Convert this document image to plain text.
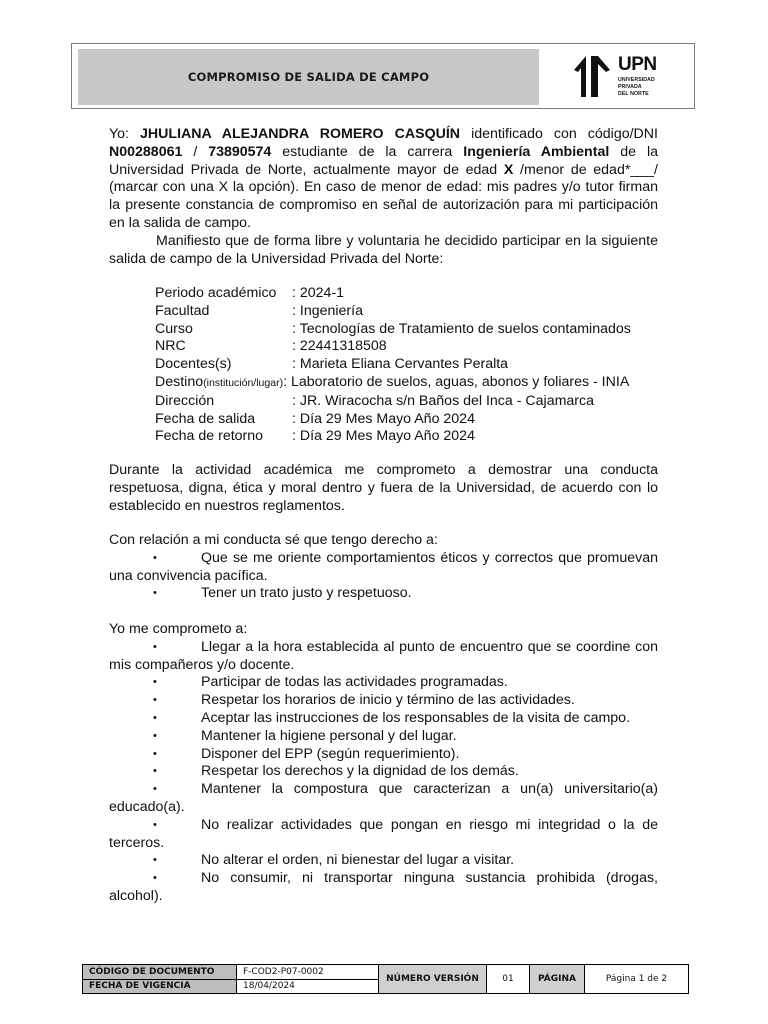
COMPROMISO DE SALIDA DE CAMPO
UPN
UNIVERSIDAD
PRIVADA
DEL NORTE
Yo: JHULIANA ALEJANDRA ROMERO CASQUÍN identificado con código/DNI N00288061 / 73890574 estudiante de la carrera Ingeniería Ambiental de la Universidad Privada de Norte, actualmente mayor de edad X /menor de edad*___/ (marcar con una X la opción). En caso de menor de edad: mis padres y/o tutor firman la presente constancia de compromiso en señal de autorización para mi participación en la salida de campo.
Manifiesto que de forma libre y voluntaria he decidido participar en la siguiente salida de campo de la Universidad Privada del Norte:
Periodo académico	: 2024-1
Facultad	: Ingeniería
Curso	: Tecnologías de Tratamiento de suelos contaminados
NRC	: 22441318508
Docentes(s)	: Marieta Eliana Cervantes Peralta
Destino(institución/lugar) : Laboratorio de suelos, aguas, abonos y foliares - INIA
Dirección	: JR. Wiracocha s/n Baños del Inca - Cajamarca
Fecha de salida	: Día 29 Mes Mayo Año 2024
Fecha de retorno	: Día 29 Mes Mayo Año 2024
Durante la actividad académica me comprometo a demostrar una conducta respetuosa, digna, ética y moral dentro y fuera de la Universidad, de acuerdo con lo establecido en nuestros reglamentos.
Con relación a mi conducta sé que tengo derecho a:
•	Que se me oriente comportamientos éticos y correctos que promuevan una convivencia pacífica.
•	Tener un trato justo y respetuoso.
Yo me comprometo a:
•	Llegar a la hora establecida al punto de encuentro que se coordine con mis compañeros y/o docente.
•	Participar de todas las actividades programadas.
•	Respetar los horarios de inicio y término de las actividades.
•	Aceptar las instrucciones de los responsables de la visita de campo.
•	Mantener la higiene personal y del lugar.
•	Disponer del EPP (según requerimiento).
•	Respetar los derechos y la dignidad de los demás.
•	Mantener la compostura que caracterizan a un(a) universitario(a) educado(a).
•	No realizar actividades que pongan en riesgo mi integridad o la de terceros.
•	No alterar el orden, ni bienestar del lugar a visitar.
•	No consumir, ni transportar ninguna sustancia prohibida (drogas, alcohol).
CÓDIGO DE DOCUMENTO	F-COD2-P07-0002	NÚMERO VERSIÓN	01	PÁGINA	Página 1 de 2
FECHA DE VIGENCIA	18/04/2024				
